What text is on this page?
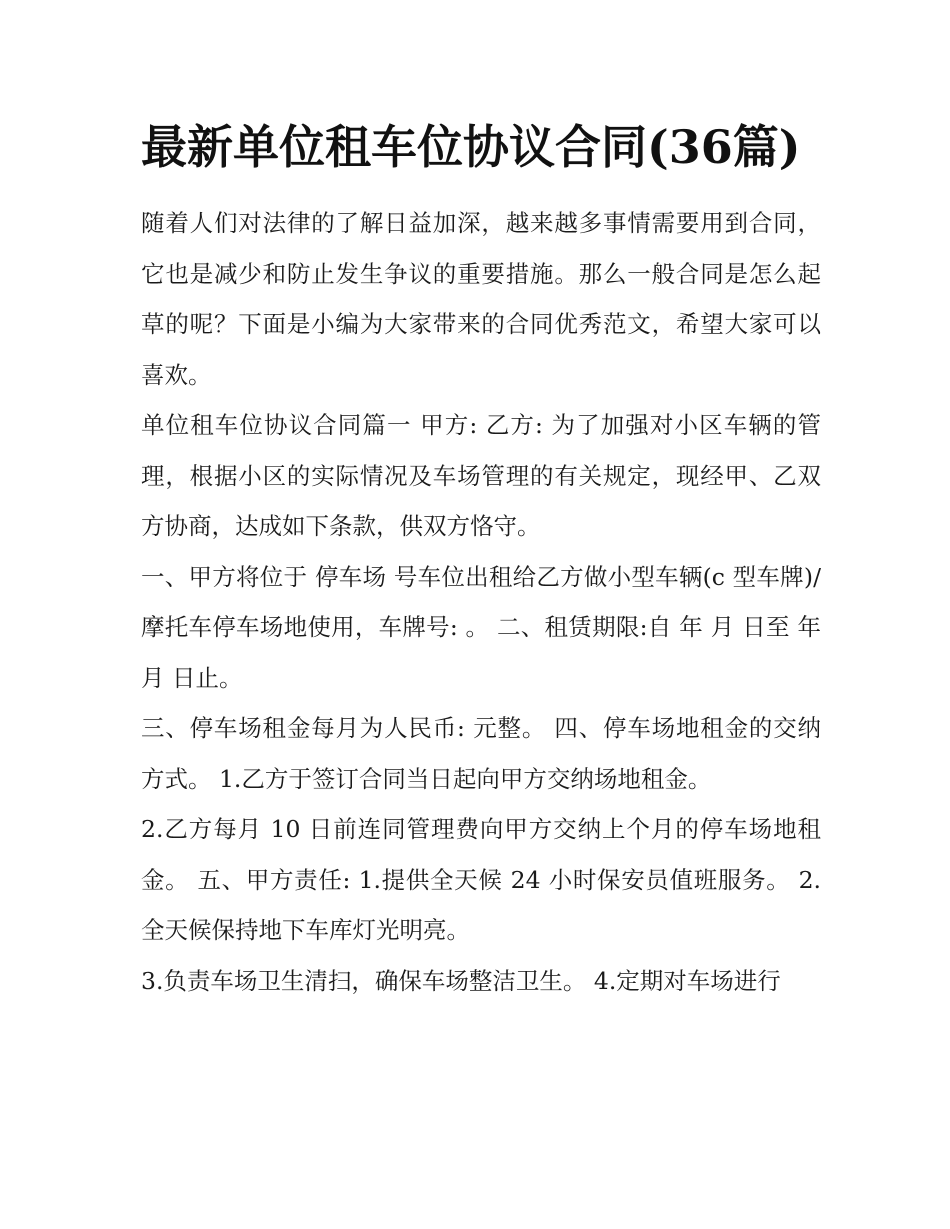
最新单位租车位协议合同(36篇)

随着人们对法律的了解日益加深，越来越多事情需要用到合同，它也是减少和防止发生争议的重要措施。那么一般合同是怎么起草的呢？下面是小编为大家带来的合同优秀范文，希望大家可以喜欢。

单位租车位协议合同篇一 甲方: 乙方: 为了加强对小区车辆的管理，根据小区的实际情况及车场管理的有关规定，现经甲、乙双方协商，达成如下条款，供双方恪守。

一、甲方将位于 停车场 号车位出租给乙方做小型车辆(c 型车牌)/摩托车停车场地使用，车牌号: 。 二、租赁期限:自 年 月 日至 年 月 日止。

三、停车场租金每月为人民币: 元整。 四、停车场地租金的交纳方式。 1.乙方于签订合同当日起向甲方交纳场地租金。

2.乙方每月 10 日前连同管理费向甲方交纳上个月的停车场地租金。 五、甲方责任: 1.提供全天候 24 小时保安员值班服务。 2.全天候保持地下车库灯光明亮。

3.负责车场卫生清扫，确保车场整洁卫生。 4.定期对车场进行
